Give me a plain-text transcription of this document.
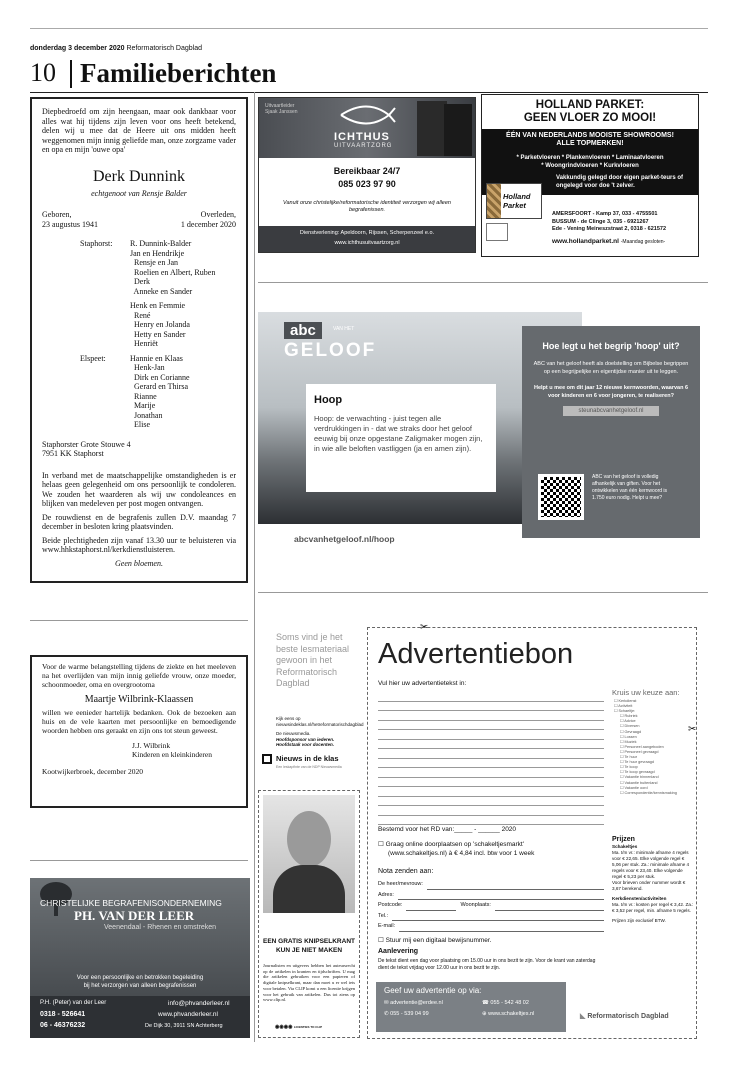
donderdag 3 december 2020 Reformatorisch Dagblad
10 Familieberichten
Diepbedroefd om zijn heengaan, maar ook dankbaar voor alles wat hij tijdens zijn leven voor ons heeft betekend, delen wij u mee dat de Heere uit ons midden heeft weggenomen mijn innig geliefde man, onze zorgzame vader en opa en mijn 'ouwe opa'
Derk Dunnink
echtgenoot van Rensje Balder
Geboren,
23 augustus 1941
Overleden,
1 december 2020
Staphorst: R. Dunnink-Balder
Jan en Hendrikje
Rensje en Jan
Roelien en Albert, Ruben
Derk
Anneke en Sander
Henk en Femmie
René
Henry en Jolanda
Hetty en Sander
Henriët
Elspeet:	Hannie en Klaas
Henk-Jan
Dirk en Corianne
Gerard en Thirsa
Rianne
Marije
Jonathan
Elise
Staphorster Grote Stouwe 4
7951 KK Staphorst
In verband met de maatschappelijke omstandigheden is er helaas geen gelegenheid om ons persoonlijk te condoleren. We zouden het waarderen als wij uw condoleances en blijken van medeleven per post mogen ontvangen.
De rouwdienst en de begrafenis zullen D.V. maandag 7 december in besloten kring plaatsvinden.
Beide plechtigheden zijn vanaf 13.30 uur te beluisteren via www.hhkstaphorst.nl/kerkdienstluisteren.
Geen bloemen.
Uitvaartleider
Sjaak Janssen
ICHTHUS
UITVAARTZORG
Bereikbaar 24/7
085 023 97 90
Vanuit onze christelijke/reformatorische identiteit verzorgen wij alleen begrafenissen.
Dienstverlening: Apeldoorn, Rijssen, Scherpenzeel e.o.
www.ichthusuitvaartzorg.nl
HOLLAND PARKET:
GEEN VLOER ZO MOOI!
ÉÉN VAN NEDERLANDS MOOISTE SHOWROOMS!
ALLE TOPMERKEN!
* Parketvloeren * Plankenvloeren * Laminaatvloeren
* Woongrindvloeren * Kurkvloeren
Vakkundig gelegd door eigen parket-teurs of ongelegd voor doe 't zelver.
Holland Parket
AMERSFOORT - Kamp 37, 033 - 4755501
BUSSUM - de Clinge 3, 035 - 6921267
Ede - Vening Meineszstraat 2, 0318 - 621572
www.hollandparket.nl -Maandag gesloten-
abc	VAN HET
GELOOF
Hoop
Hoop: de verwachting - juist tegen alle verdrukkingen in - dat we straks door het geloof eeuwig bij onze opgestane Zaligmaker mogen zijn, in wie alle beloften vastliggen (ja en amen zijn).
Hoe legt u het begrip 'hoop' uit?
ABC van het geloof heeft als doelstelling om Bijbelse begrippen op een begrijpelijke en eigentijdse manier uit te leggen.
Helpt u mee om dit jaar 12 nieuwe kernwoorden, waarvan 6 voor kinderen en 6 voor jongeren, te realiseren?
steunabcvanhetgeloof.nl
ABC van het geloof is volledig afhankelijk van giften. Voor het ontwikkelen van één kernwoord is 1.750 euro nodig. Helpt u mee?
abcvanhetgeloof.nl/hoop
Voor de warme belangstelling tijdens de ziekte en het meeleven na het overlijden van mijn innig geliefde vrouw, onze moeder, schoonmoeder, oma en overgrootoma
Maartje Wilbrink-Klaassen
willen we eenieder hartelijk bedanken. Ook de bezoeken aan huis en de vele kaarten met persoonlijke en bemoedigende woorden hebben ons geraakt en zijn ons tot steun geweest.
J.J. Wilbrink
Kinderen en kleinkinderen
Kootwijkerbroek, december 2020
CHRISTELIJKE BEGRAFENISONDERNEMING
PH. VAN DER LEER
Veenendaal - Rhenen en omstreken
Voor een persoonlijke en betrokken begeleiding
bij het verzorgen van alleen begrafenissen
P.H. (Peter) van der Leer	info@phvanderleer.nl
0318 - 526641	www.phvanderleer.nl
06 - 46376232	De Dijk 30, 3911 SN Achterberg
Soms vind je het beste lesmateriaal gewoon in het Reformatorisch Dagblad
Kijk eens op nieuwsindeklas.nl/hetreformatorischdagblad
De nieuwsmedia.
Hoofdsponsor van iederen.
Hoofdstaak voor docenten.
Nieuws in de klas
Een leskapfinte van de NDP Nieuwsmedia
EEN GRATIS KNIPSELKRANT
KUN JE NIET MAKEN
Journalisten en uitgevers hebben het auteursrecht op de artikelen in kranten en tijdschriften. U mag die artikelen gebruiken voor een papieren of digitale knipselkrant, maar dan moet u er wel iets voor betalen. Via CLIP komt u een licentie krijgen voor het gebruik van artikelen. Dus tot ziens op www.clip.nl.
◉◉◉◉ LICENTIES TO CLIP
✂
✂
Advertentiebon
Vul hier uw advertentietekst in:
Kruis uw keuze aan:
☐ Kerkdienst
☐ Activiteit
☐ Schaeltje:
☐ Rubriek
☐ Advice
☐ Diversen
☐ Gevraagd
☐ Lossen
☐ Muziek
☐ Personeel aangeboden
☐ Personeel gevraagd
☐ Te huur
☐ Te huur gevraagd
☐ Te koop
☐ Te koop gevraagd
☐ Vakantie binnenland
☐ Vakantie buitenland
☐ Vakantie oord
☐ Correspondentie/kennismaking
Bestemd voor het RD van:_____ - ______ 2020
☐ Graag online doorplaatsen op 'schakeltjesmarkt'
(www.schakeltjes.nl) à € 4,84 incl. btw voor 1 week
Nota zenden aan:
De heer/mevrouw:
Adres:
Postcode:	Woonplaats:
Tel.:
E-mail:
☐ Stuur mij een digitaal bewijsnummer.
Aanlevering
De tekst dient een dag voor plaatsing om 15.00 uur in ons bezit te zijn. Voor de krant van zaterdag dient de tekst vrijdag voor 12.00 uur in ons bezit te zijn.
Prijzen
Schakeltjes
Ma. t/m vr.: minimale afname 4 regels voor € 22,65. Elke volgende regel € 5,06 per stuk. Za.: minimale afname 4 regels voor € 23,40. Elke volgende regel € 5,23 per stuk.
Voor brieven onder nummer wordt € 3,67 berekend.
Kerkdiensten/activiteiten
Ma. t/m vr.: kosten per regel € 3,42. Za.: € 3,52 per regel, min. afname 5 regels.
Prijzen zijn exclusief BTW.
Geef uw advertentie op via:
✉ advertentie@erdee.nl	☎ 055 - 542 48 02
✆ 055 - 539 04 99	⊕ www.schakeltjes.nl	◣ Reformatorisch Dagblad
